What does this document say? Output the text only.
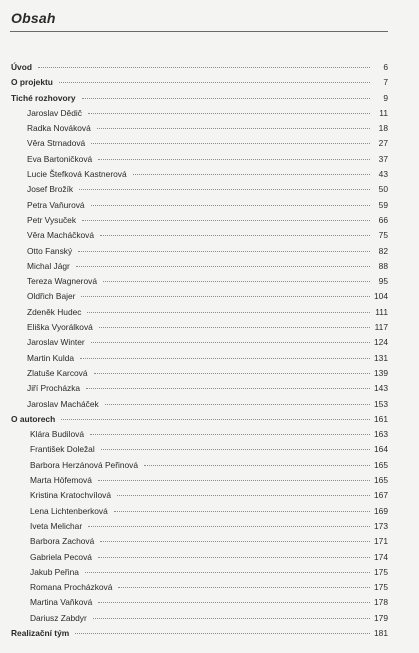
Obsah
Úvod	6
O projektu	7
Tiché rozhovory	9
Jaroslav Dědič	11
Radka Nováková	18
Věra Strnadová	27
Eva Bartoničková	37
Lucie Štefková Kastnerová	43
Josef Brožík	50
Petra Vaňurová	59
Petr Vysuček	66
Věra Macháčková	75
Otto Fanský	82
Michal Jágr	88
Tereza Wagnerová	95
Oldřich Bajer	104
Zdeněk Hudec	111
Eliška Vyorálková	117
Jaroslav Winter	124
Martin Kulda	131
Zlatuše Karcová	139
Jiří Procházka	143
Jaroslav Macháček	153
O autorech	161
Klára Budilová	163
František Doležal	164
Barbora Herzánová Peřinová	165
Marta Höfemová	165
Kristina Kratochvílová	167
Lena Lichtenberková	169
Iveta Melichar	173
Barbora Zachová	171
Gabriela Pecová	174
Jakub Peřina	175
Romana Procházková	175
Martina Vaňková	178
Dariusz Zabdyr	179
Realizační tým	181
